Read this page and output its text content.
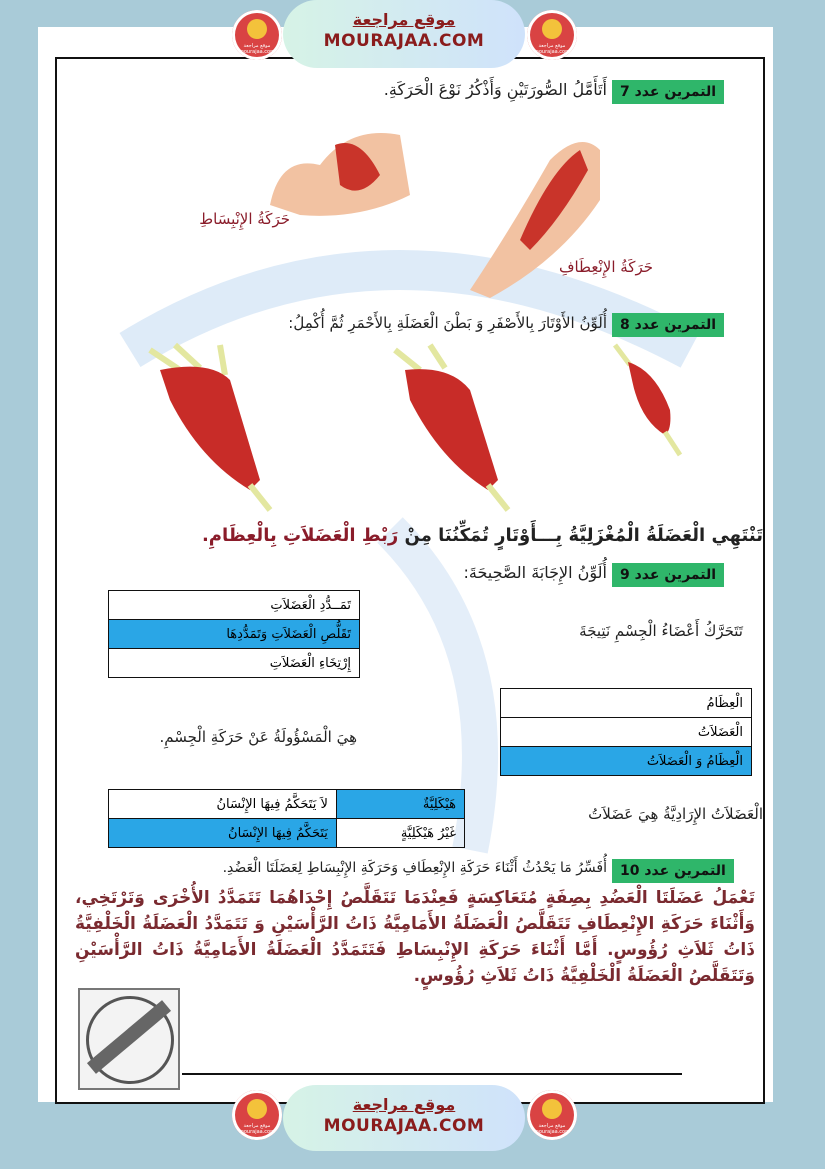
موقع مراجعة
MOURAJAA.COM
موقع مراجعة mourajaa.com
موقع مراجعة mourajaa.com
التمرين عدد 7
أَتَأَمَّلُ الصُّورَتَيْنِ وَأَذْكُرُ نَوْعَ الْحَرَكَةِ.
حَرَكَةُ الإِنْبِسَاطِ
حَرَكَةُ الإِنْعِطَافِ
التمرين عدد 8
أُلَوِّنُ الأَوْتَارَ بِالأَصْفَرِ وَ بَطْنَ الْعَضَلَةِ بِالأَحْمَرِ ثُمَّ أُكْمِلُ:
تَنْتَهِي الْعَضَلَةُ الْمُغْزَلِيَّةُ بِـــأَوْتَارٍ تُمَكِّنُنَا مِنْ رَبْطِ الْعَضَلاَتِ بِالْعِظَامِ.
التمرين عدد 9
أُلَوِّنُ الإِجَابَةَ الصَّحِيحَةَ:
تَمَــدُّدِ الْعَضَلاَتِ
تَقَلُّصِ الْعَضَلاَتِ وَتَمَدُّدِهَا
إِرْتِخَاءِ الْعَضَلاَتِ
تَتَحَرَّكُ أَعْضَاءُ الْجِسْمِ نَتِيجَةَ
الْعِظَامُ
الْعَضَلاَتُ
الْعِظَامُ وَ الْعَضَلاَتُ
هِيَ الْمَسْؤُولَةُ عَنْ حَرَكَةِ الْجِسْمِ.
هَيْكَلِيَّةٌ	لاَ يَتَحَكَّمُ فِيهَا الإِنْسَانُ
غَيْرُ هَيْكَلِيَّةٍ	يَتَحَكَّمُ فِيهَا الإِنْسَانُ
الْعَضَلاَتُ الإِرَادِيَّةُ هِيَ عَضَلاَتُ
التمرين عدد 10
أُفَسِّرُ مَا يَحْدُثُ أَثْنَاءَ حَرَكَةِ الإِنْعِطَافِ وَحَرَكَةِ الإِنْبِسَاطِ لِعَضَلَتَا الْعَضُدِ.
تَعْمَلُ عَضَلَتَا الْعَضُدِ بِصِفَةٍ مُتَعَاكِسَةٍ فَعِنْدَمَا تَتَقَلَّصُ إِحْدَاهُمَا تَتَمَدَّدُ الأُخْرَى وَتَرْتَخِي، وَأَثْنَاءَ حَرَكَةِ الإِنْعِطَافِ تَتَقَلَّصُ الْعَضَلَةُ الأَمَامِيَّةُ ذَاتُ الرَّأْسَيْنِ وَ تَتَمَدَّدُ الْعَضَلَةُ الْخَلْفِيَّةُ ذَاتُ ثَلاَثِ رُؤُوسٍ. أَمَّا أَثْنَاءَ حَرَكَةِ الإِنْبِسَاطِ فَتَتَمَدَّدُ الْعَضَلَةُ الأَمَامِيَّةُ ذَاتُ الرَّأْسَيْنِ وَتَتَقَلَّصُ الْعَضَلَةُ الْخَلْفِيَّةُ ذَاتُ ثَلاَثِ رُؤُوسٍ.
موقع مراجعة
MOURAJAA.COM
موقع مراجعة mourajaa.com
موقع مراجعة mourajaa.com
